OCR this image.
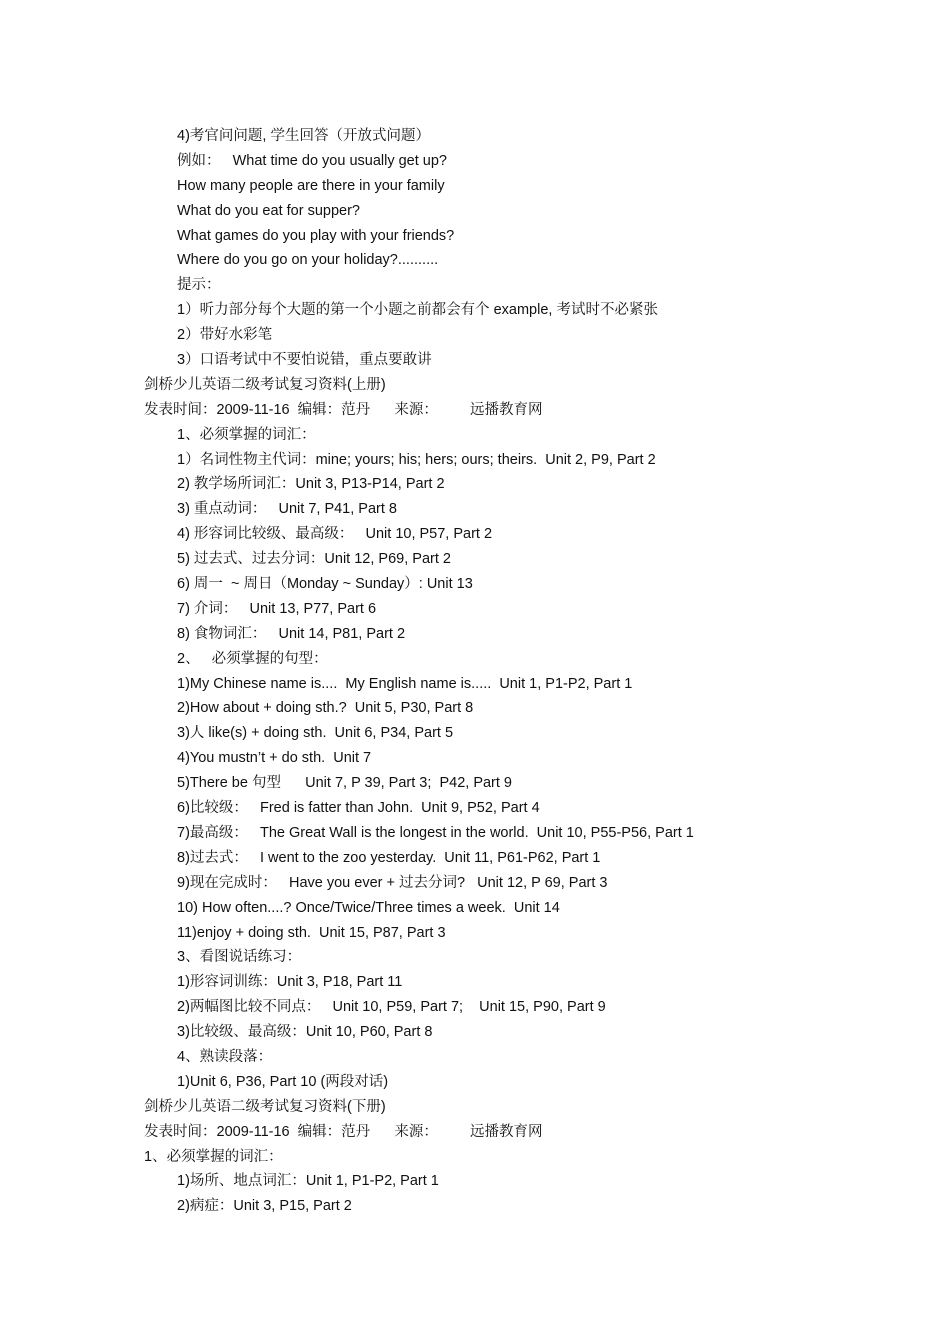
4)考官问问题, 学生回答（开放式问题）

例如：   What time do you usually get up?

How many people are there in your family

What do you eat for supper?

What games do you play with your friends?

Where do you go on your holiday?..........

提示：

1）听力部分每个大题的第一个小题之前都会有个 example, 考试时不必紧张

2）带好水彩笔

3）口语考试中不要怕说错，重点要敢讲

剑桥少儿英语二级考试复习资料(上册)

发表时间：2009-11-16  编辑：范丹      来源：        远播教育网

1、必须掌握的词汇：

1）名词性物主代词：mine; yours; his; hers; ours; theirs.  Unit 2, P9, Part 2

2) 教学场所词汇：Unit 3, P13-P14, Part 2

3) 重点动词：   Unit 7, P41, Part 8

4) 形容词比较级、最高级：   Unit 10, P57, Part 2

5) 过去式、过去分词：Unit 12, P69, Part 2

6) 周一  ~ 周日（Monday ~ Sunday）: Unit 13

7) 介词：   Unit 13, P77, Part 6

8) 食物词汇：   Unit 14, P81, Part 2

2、   必须掌握的句型：

1)My Chinese name is....  My English name is.....  Unit 1, P1-P2, Part 1

2)How about + doing sth.?  Unit 5, P30, Part 8

3)人 like(s) + doing sth.  Unit 6, P34, Part 5

4)You mustn’t + do sth.  Unit 7

5)There be 句型      Unit 7, P 39, Part 3;  P42, Part 9

6)比较级：   Fred is fatter than John.  Unit 9, P52, Part 4

7)最高级：   The Great Wall is the longest in the world.  Unit 10, P55-P56, Part 1

8)过去式：   I went to the zoo yesterday.  Unit 11, P61-P62, Part 1

9)现在完成时：   Have you ever + 过去分词?   Unit 12, P 69, Part 3

10) How often....? Once/Twice/Three times a week.  Unit 14

11)enjoy + doing sth.  Unit 15, P87, Part 3

3、看图说话练习：

1)形容词训练：Unit 3, P18, Part 11

2)两幅图比较不同点：   Unit 10, P59, Part 7;    Unit 15, P90, Part 9

3)比较级、最高级：Unit 10, P60, Part 8

4、熟读段落：

1)Unit 6, P36, Part 10 (两段对话)

剑桥少儿英语二级考试复习资料(下册)

发表时间：2009-11-16  编辑：范丹      来源：        远播教育网

1、必须掌握的词汇：

1)场所、地点词汇：Unit 1, P1-P2, Part 1

2)病症：Unit 3, P15, Part 2
